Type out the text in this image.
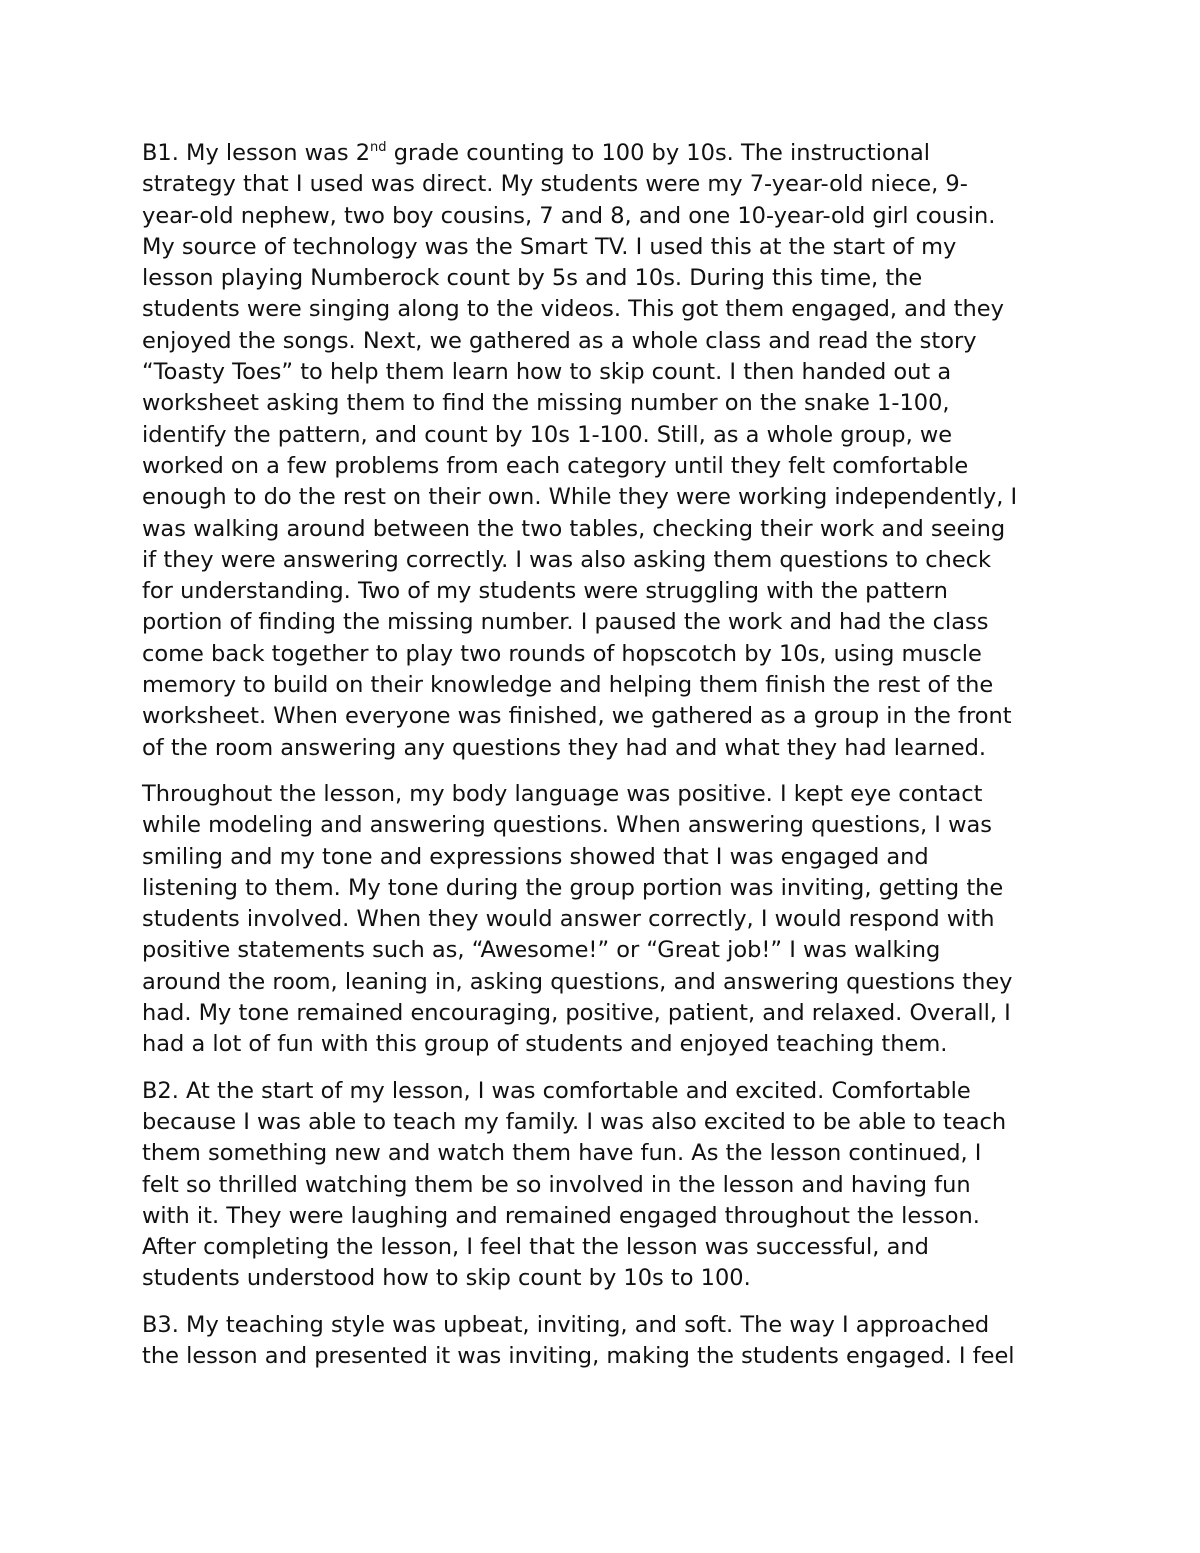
B1. My lesson was 2nd grade counting to 100 by 10s. The instructional
strategy that I used was direct. My students were my 7-year-old niece, 9-
year-old nephew, two boy cousins, 7 and 8, and one 10-year-old girl cousin.
My source of technology was the Smart TV. I used this at the start of my
lesson playing Numberock count by 5s and 10s. During this time, the
students were singing along to the videos. This got them engaged, and they
enjoyed the songs. Next, we gathered as a whole class and read the story
“Toasty Toes” to help them learn how to skip count. I then handed out a
worksheet asking them to find the missing number on the snake 1-100,
identify the pattern, and count by 10s 1-100. Still, as a whole group, we
worked on a few problems from each category until they felt comfortable
enough to do the rest on their own. While they were working independently, I
was walking around between the two tables, checking their work and seeing
if they were answering correctly. I was also asking them questions to check
for understanding. Two of my students were struggling with the pattern
portion of finding the missing number. I paused the work and had the class
come back together to play two rounds of hopscotch by 10s, using muscle
memory to build on their knowledge and helping them finish the rest of the
worksheet. When everyone was finished, we gathered as a group in the front
of the room answering any questions they had and what they had learned.

Throughout the lesson, my body language was positive. I kept eye contact
while modeling and answering questions. When answering questions, I was
smiling and my tone and expressions showed that I was engaged and
listening to them. My tone during the group portion was inviting, getting the
students involved. When they would answer correctly, I would respond with
positive statements such as, “Awesome!” or “Great job!” I was walking
around the room, leaning in, asking questions, and answering questions they
had. My tone remained encouraging, positive, patient, and relaxed. Overall, I
had a lot of fun with this group of students and enjoyed teaching them.

B2. At the start of my lesson, I was comfortable and excited. Comfortable
because I was able to teach my family. I was also excited to be able to teach
them something new and watch them have fun. As the lesson continued, I
felt so thrilled watching them be so involved in the lesson and having fun
with it. They were laughing and remained engaged throughout the lesson.
After completing the lesson, I feel that the lesson was successful, and
students understood how to skip count by 10s to 100.

B3. My teaching style was upbeat, inviting, and soft. The way I approached
the lesson and presented it was inviting, making the students engaged. I feel
